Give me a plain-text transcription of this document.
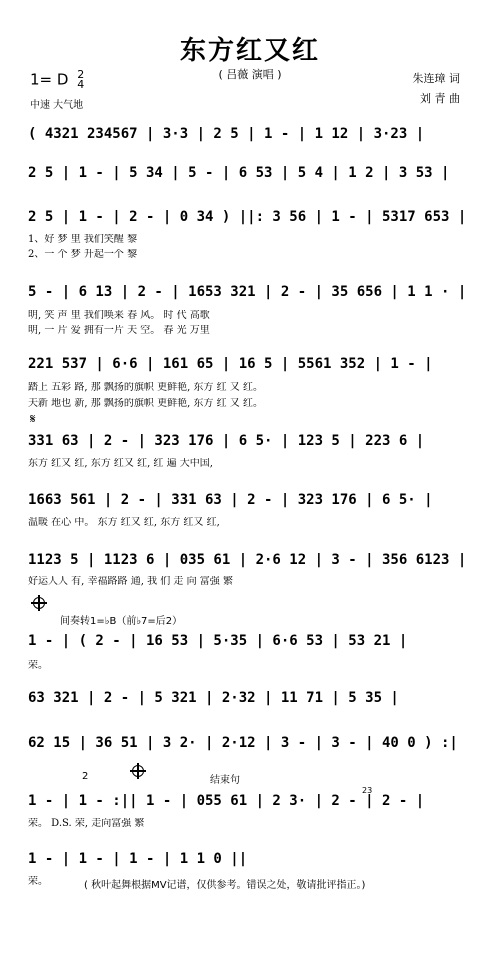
东方红又红
( 吕薇 演唱 )
1= D 2
4
中速 大气地
朱连璋 词
刘 青 曲
( 4321 234567 | 3·3 | 2 5 | 1 - | 1 12 | 3·23 |
2 5 | 1 - | 5 34 | 5 - | 6 53 | 5 4 | 1 2 | 3 53 |
2 5 | 1 - | 2 - | 0 34 ) ||: 3 56 | 1 - | 5317 653 |
1、好 梦 里 我们笑醒 黎
2、一 个 梦 升起一个 黎
5 - | 6 13 | 2 - | 1653 321 | 2 - | 35 656 | 1 1 · |
明, 笑 声 里 我们唤来 春 风。 时 代 高歌
明, 一 片 爱 拥有一片 天 空。 春 光 万里
221 537 | 6·6 | 161 65 | 16 5 | 5561 352 | 1 - |
踏上 五彩 路, 那 飘扬的旗帜 更鲜艳, 东方 红 又 红。
天新 地也 新, 那 飘扬的旗帜 更鲜艳, 东方 红 又 红。
𝄋
331 63 | 2 - | 323 176 | 6 5· | 123 5 | 223 6 |
东方 红又 红, 东方 红又 红, 红 遍 大中国,
1663 561 | 2 - | 331 63 | 2 - | 323 176 | 6 5· |
温暖 在心 中。 东方 红又 红, 东方 红又 红,
1123 5 | 1123 6 | 035 61 | 2·6 12 | 3 - | 356 6123 |
好运人人 有, 幸福路路 通, 我 们 走 向 富强 繁
间奏转1=♭B（前♭7=后2）
1 - | ( 2 - | 16 53 | 5·35 | 6·6 53 | 53 21 |
荣。
63 321 | 2 - | 5 321 | 2·32 | 11 71 | 5 35 |
62 15 | 36 51 | 3 2· | 2·12 | 3 - | 3 - | 40 0 ) :|
2	结束句
23
1 - | 1 - :|| 1 - | 055 61 | 2 3· | 2 - | 2 - |
荣。 D.S. 荣, 走向富强 繁
1 - | 1 - | 1 - | 1 1 0 ||
荣。	( 秋叶起舞根据MV记谱，仅供参考。错误之处，敬请批评指正。)
